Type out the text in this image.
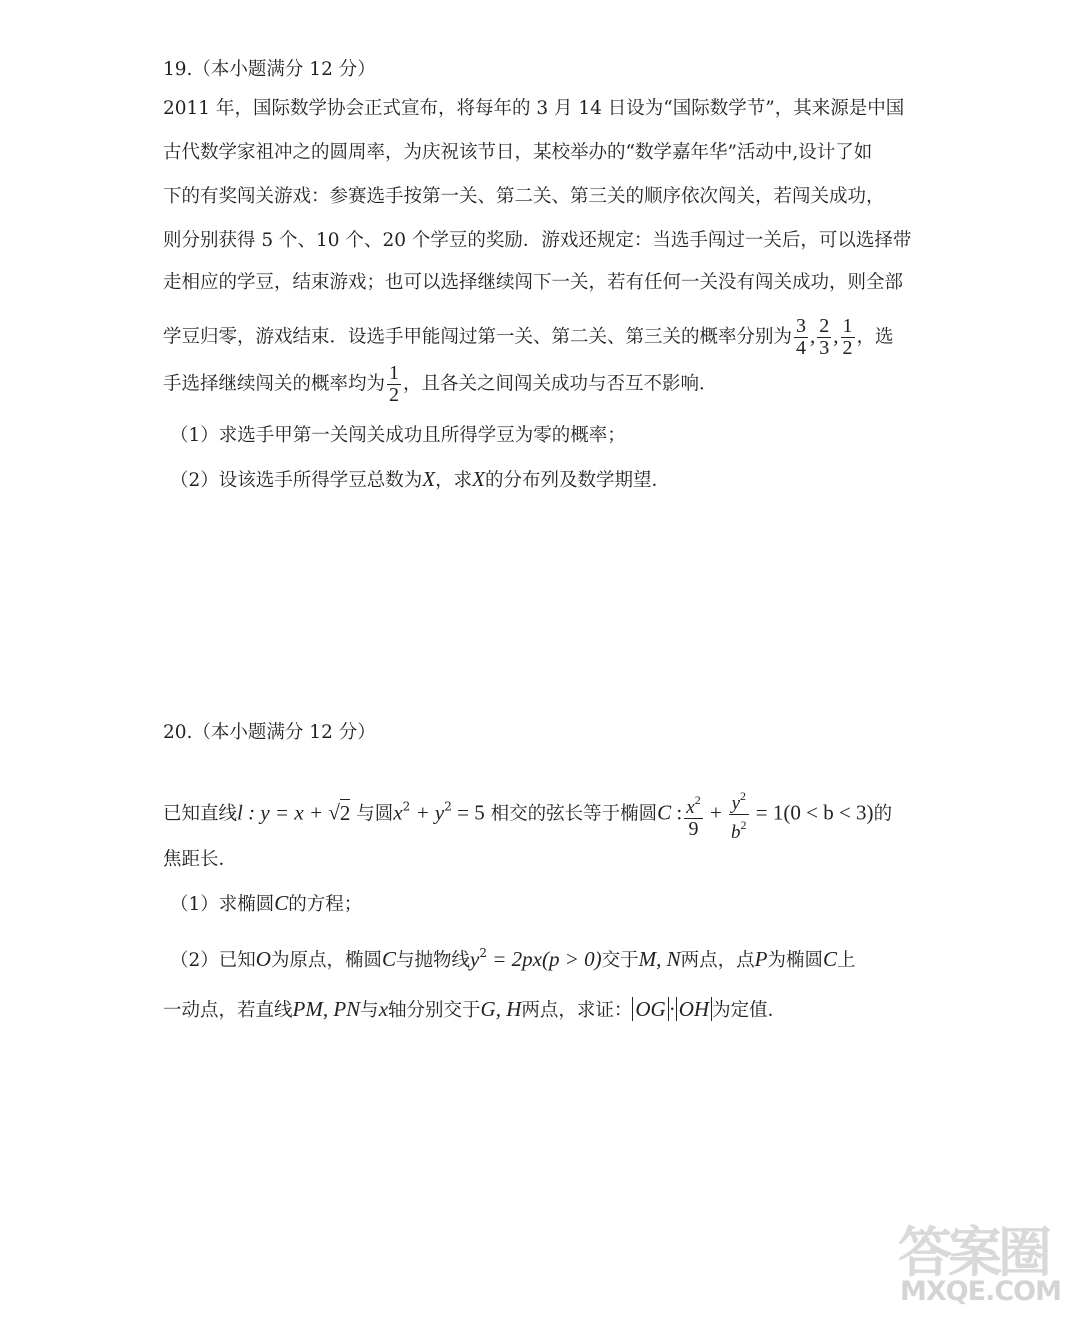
19.（本小题满分 12 分）
2011 年，国际数学协会正式宣布，将每年的 3 月 14 日设为“国际数学节”，其来源是中国
古代数学家祖冲之的圆周率，为庆祝该节日，某校举办的“数学嘉年华”活动中,设计了如
下的有奖闯关游戏：参赛选手按第一关、第二关、第三关的顺序依次闯关，若闯关成功，
则分别获得 5 个、10 个、20 个学豆的奖励．游戏还规定：当选手闯过一关后，可以选择带
走相应的学豆，结束游戏；也可以选择继续闯下一关，若有任何一关没有闯关成功，则全部
学豆归零，游戏结束．设选手甲能闯过第一关、第二关、第三关的概率分别为 $\frac{3}{4}$ , $\frac{2}{3}$ , $\frac{1}{2}$ ，选
手选择继续闯关的概率均为 $\frac{1}{2}$ ，且各关之间闯关成功与否互不影响．
（1）求选手甲第一关闯关成功且所得学豆为零的概率；
（2）设该选手所得学豆总数为X，求X的分布列及数学期望．
20.（本小题满分 12 分）
已知直线l : y = x + √2 与圆$x^2 + y^2 = 5$ 相交的弦长等于椭圆C : $\frac{x^2}{9} + \frac{y^2}{b^2} = 1(0 < b < 3)$的
焦距长．
（1）求椭圆C的方程；
（2）已知O为原点，椭圆C与抛物线$y^2 = 2px(p > 0)$交于M, N两点，点P为椭圆C上
一动点，若直线PM, PN与x轴分别交于G, H两点，求证： OG · OH 为定值．
答案圈
MXQE.COM
